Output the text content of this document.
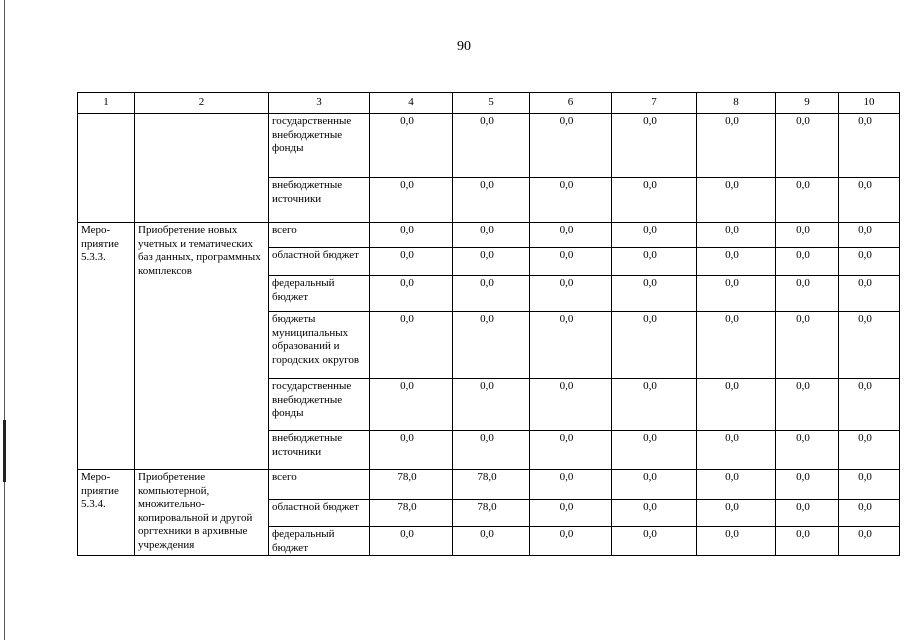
90
1	2	3	4	5	6	7	8	9	10
		государственные внебюджетные фонды	0,0	0,0	0,0	0,0	0,0	0,0	0,0
		внебюджетные источники	0,0	0,0	0,0	0,0	0,0	0,0	0,0
Меро-приятие 5.3.3.	Приобретение новых учетных и тематических баз данных, программных комплексов	всего	0,0	0,0	0,0	0,0	0,0	0,0	0,0
		областной бюджет	0,0	0,0	0,0	0,0	0,0	0,0	0,0
		федеральный бюджет	0,0	0,0	0,0	0,0	0,0	0,0	0,0
		бюджеты муниципальных образований и городских округов	0,0	0,0	0,0	0,0	0,0	0,0	0,0
		государственные внебюджетные фонды	0,0	0,0	0,0	0,0	0,0	0,0	0,0
		внебюджетные источники	0,0	0,0	0,0	0,0	0,0	0,0	0,0
Меро-приятие 5.3.4.	Приобретение компьютерной, множительно-копировальной и другой оргтехники в архивные учреждения	всего	78,0	78,0	0,0	0,0	0,0	0,0	0,0
		областной бюджет	78,0	78,0	0,0	0,0	0,0	0,0	0,0
		федеральный бюджет	0,0	0,0	0,0	0,0	0,0	0,0	0,0
